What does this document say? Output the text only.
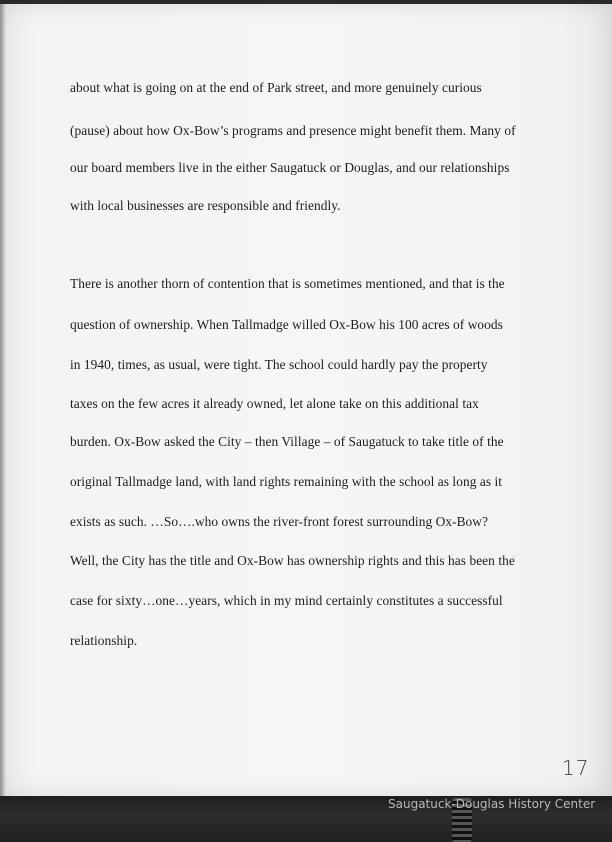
about what is going on at the end of Park street, and more genuinely curious
(pause) about how Ox-Bow’s programs and presence might benefit them. Many of
our board members live in the either Saugatuck or Douglas, and our relationships
with local businesses are responsible and friendly.
There is another thorn of contention that is sometimes mentioned, and that is the
question of ownership. When Tallmadge willed Ox-Bow his 100 acres of woods
in 1940, times, as usual, were tight. The school could hardly pay the property
taxes on the few acres it already owned, let alone take on this additional tax
burden. Ox-Bow asked the City – then Village – of Saugatuck to take title of the
original Tallmadge land, with land rights remaining with the school as long as it
exists as such. …So….who owns the river-front forest surrounding Ox-Bow?
Well, the City has the title and Ox-Bow has ownership rights and this has been the
case for sixty…one…years, which in my mind certainly constitutes a successful
relationship.
17
Saugatuck-Douglas History Center
